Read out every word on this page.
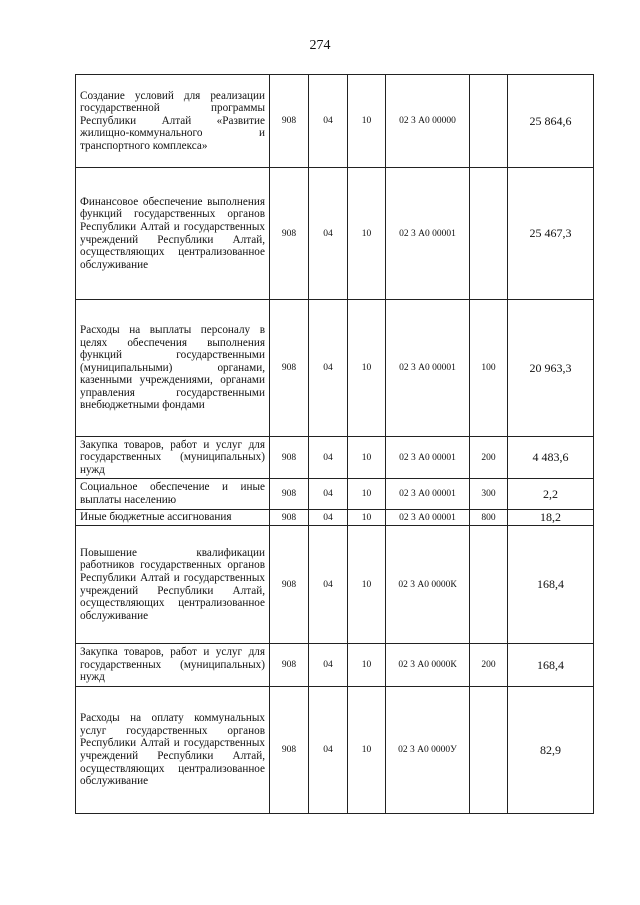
274
Создание условий для реализации государственной программы Республики Алтай «Развитие жилищно-коммунального и транспортного комплекса»	908	04	10	02 3 А0 00000		25 864,6
Финансовое обеспечение выполнения функций государственных органов Республики Алтай и государственных учреждений Республики Алтай, осуществляющих централизованное обслуживание	908	04	10	02 3 А0 00001		25 467,3
Расходы на выплаты персоналу в целях обеспечения выполнения функций государственными (муниципальными) органами, казенными учреждениями, органами управления государственными внебюджетными фондами	908	04	10	02 3 А0 00001	100	20 963,3
Закупка товаров, работ и услуг для государственных (муниципальных) нужд	908	04	10	02 3 А0 00001	200	4 483,6
Социальное обеспечение и иные выплаты населению	908	04	10	02 3 А0 00001	300	2,2
Иные бюджетные ассигнования	908	04	10	02 3 А0 00001	800	18,2
Повышение квалификации работников государственных органов Республики Алтай и государственных учреждений Республики Алтай, осуществляющих централизованное обслуживание	908	04	10	02 3 А0 0000К		168,4
Закупка товаров, работ и услуг для государственных (муниципальных) нужд	908	04	10	02 3 А0 0000К	200	168,4
Расходы на оплату коммунальных услуг государственных органов Республики Алтай и государственных учреждений Республики Алтай, осуществляющих централизованное обслуживание	908	04	10	02 3 А0 0000У		82,9
